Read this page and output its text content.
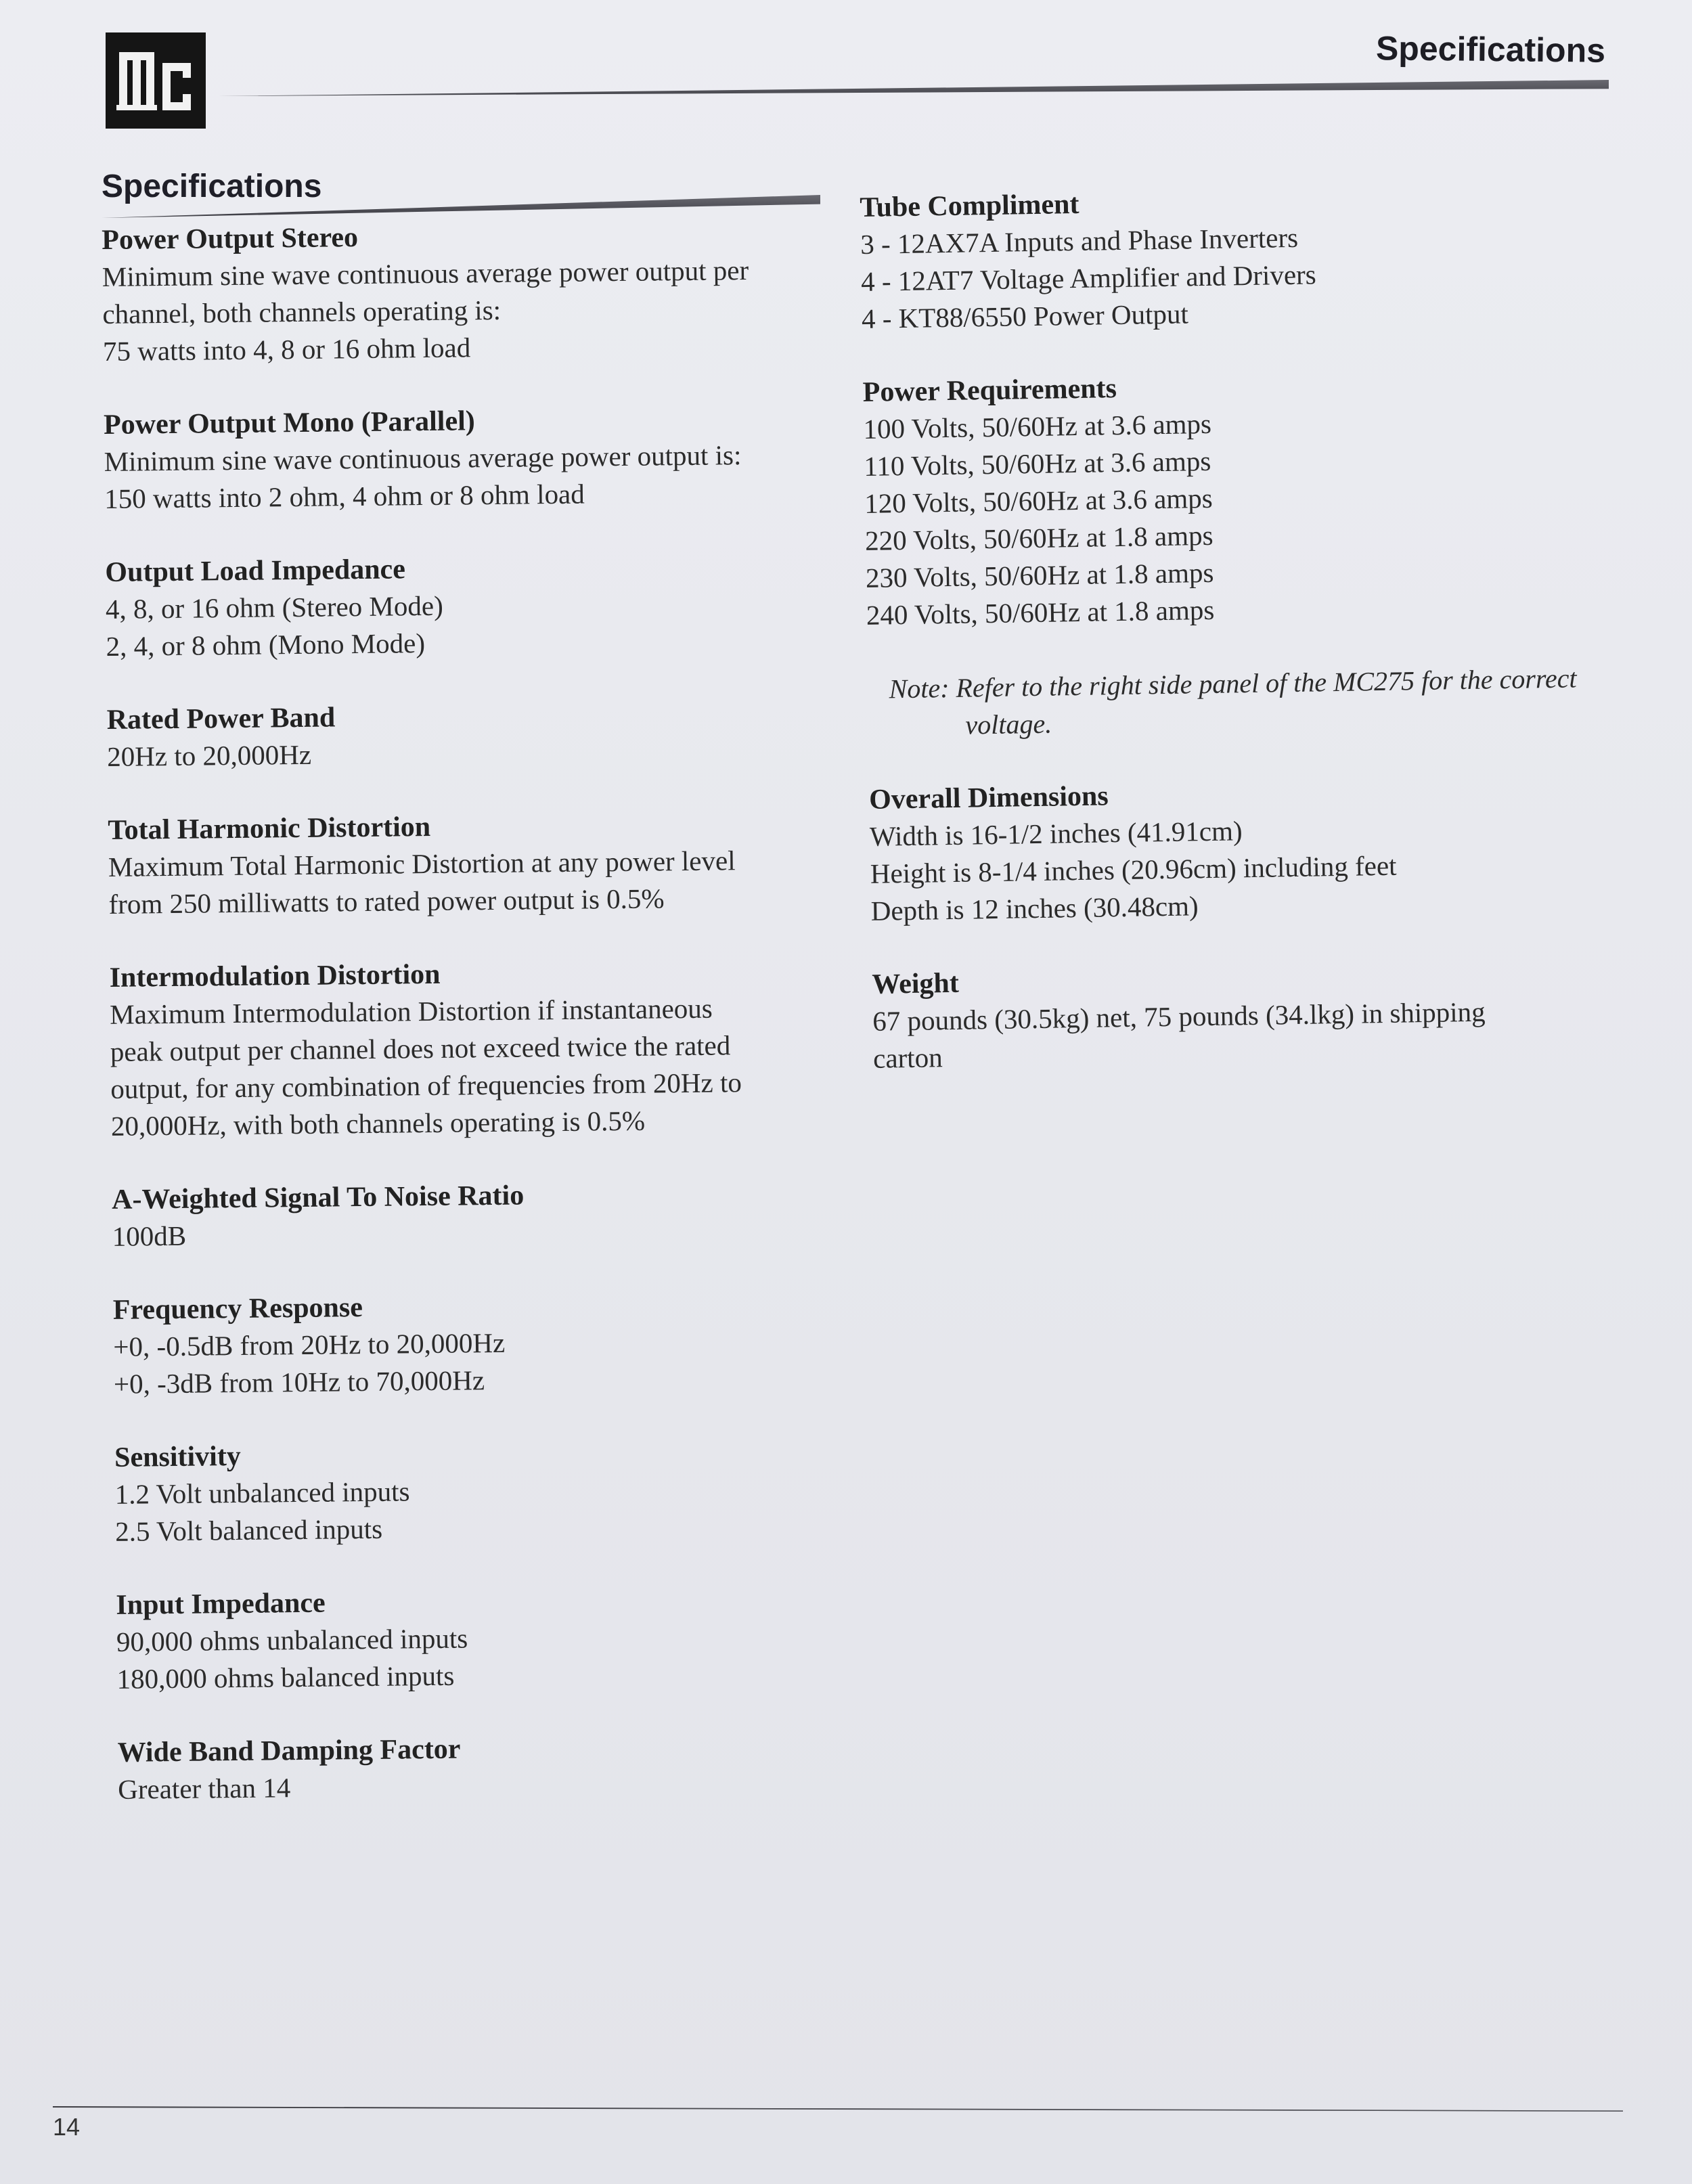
Specifications
Specifications
Power Output Stereo

Minimum sine wave continuous average power output per
channel, both channels operating is:
75 watts into 4, 8 or 16 ohm load

Power Output Mono (Parallel)

Minimum sine wave continuous average power output is:
150 watts into 2 ohm, 4 ohm or 8 ohm load

Output Load Impedance

4, 8, or 16 ohm (Stereo Mode)
2, 4, or 8 ohm (Mono Mode)

Rated Power Band

20Hz to 20,000Hz

Total Harmonic Distortion

Maximum Total Harmonic Distortion at any power level
from 250 milliwatts to rated power output is 0.5%

Intermodulation Distortion

Maximum Intermodulation Distortion if instantaneous
peak output per channel does not exceed twice the rated
output, for any combination of frequencies from 20Hz to
20,000Hz, with both channels operating is 0.5%

A-Weighted Signal To Noise Ratio

100dB

Frequency Response

+0, -0.5dB from 20Hz to 20,000Hz
+0, -3dB from 10Hz to 70,000Hz

Sensitivity

1.2 Volt unbalanced inputs
2.5 Volt balanced inputs

Input Impedance

90,000 ohms unbalanced inputs
180,000 ohms balanced inputs

Wide Band Damping Factor

Greater than 14

Tube Compliment

3 - 12AX7A Inputs and Phase Inverters
4 - 12AT7 Voltage Amplifier and Drivers
4 - KT88/6550 Power Output

Power Requirements

100 Volts, 50/60Hz at 3.6 amps
110 Volts, 50/60Hz at 3.6 amps
120 Volts, 50/60Hz at 3.6 amps
220 Volts, 50/60Hz at 1.8 amps
230 Volts, 50/60Hz at 1.8 amps
240 Volts, 50/60Hz at 1.8 amps

Note: Refer to the right side panel of the MC275 for the correct
voltage.
Overall Dimensions

Width is 16-1/2 inches (41.91cm)
Height is 8-1/4 inches (20.96cm) including feet
Depth is 12 inches (30.48cm)

Weight

67 pounds (30.5kg) net, 75 pounds (34.lkg) in shipping
carton

14
